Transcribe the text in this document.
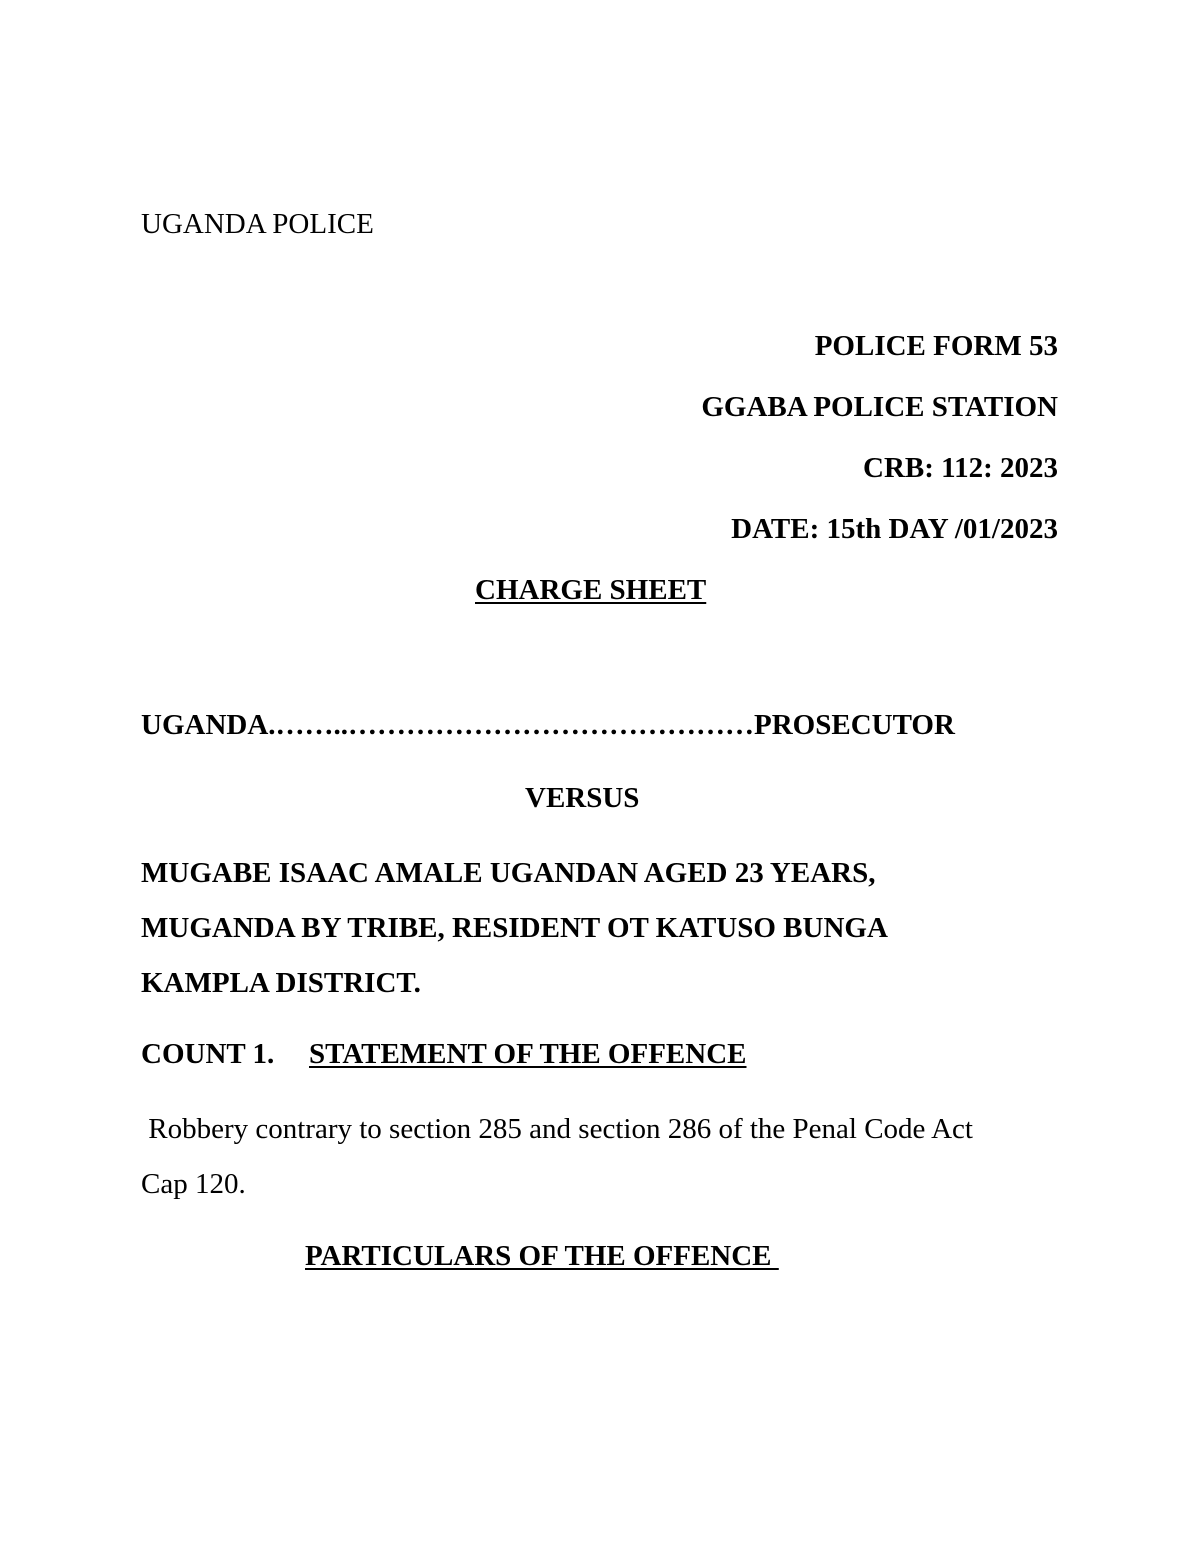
UGANDA POLICE
POLICE FORM 53
GGABA POLICE STATION
CRB: 112: 2023
DATE: 15th DAY /01/2023
CHARGE SHEET
UGANDA.……..……………………………………PROSECUTOR
VERSUS
MUGABE ISAAC AMALE UGANDAN AGED 23 YEARS,
MUGANDA BY TRIBE, RESIDENT OT KATUSO BUNGA
KAMPLA DISTRICT.
COUNT 1. STATEMENT OF THE OFFENCE
Robbery contrary to section 285 and section 286 of the Penal Code Act
Cap 120.
PARTICULARS OF THE OFFENCE
